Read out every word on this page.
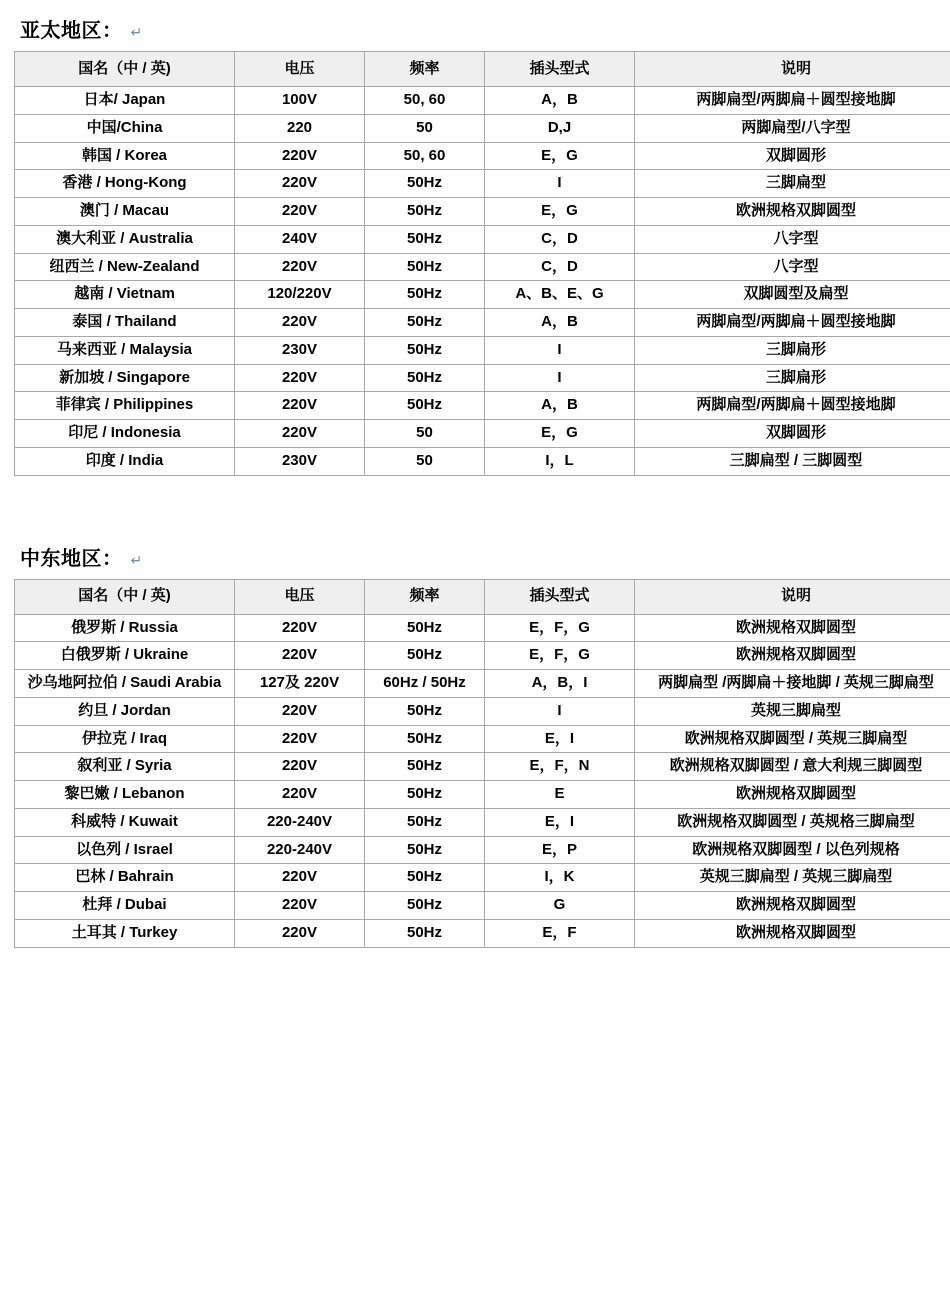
亚太地区： ↵
国名（中 / 英)	电压	频率	插头型式	说明
日本/ Japan	100V	50, 60	A，B	两脚扁型/两脚扁＋圆型接地脚
中国/China	220	50	D,J	两脚扁型/八字型
韩国 / Korea	220V	50, 60	E，G	双脚圆形
香港 / Hong-Kong	220V	50Hz	I	三脚扁型
澳门 / Macau	220V	50Hz	E，G	欧洲规格双脚圆型
澳大利亚 / Australia	240V	50Hz	C，D	八字型
纽西兰 / New-Zealand	220V	50Hz	C，D	八字型
越南 / Vietnam	120/220V	50Hz	A、B、E、G	双脚圆型及扁型
泰国 / Thailand	220V	50Hz	A，B	两脚扁型/两脚扁＋圆型接地脚
马来西亚 / Malaysia	230V	50Hz	I	三脚扁形
新加坡 / Singapore	220V	50Hz	I	三脚扁形
菲律宾 / Philippines	220V	50Hz	A，B	两脚扁型/两脚扁＋圆型接地脚
印尼 / Indonesia	220V	50	E，G	双脚圆形
印度 / India	230V	50	I，L	三脚扁型 / 三脚圆型
中东地区： ↵
国名（中 / 英)	电压	频率	插头型式	说明
俄罗斯 / Russia	220V	50Hz	E，F，G	欧洲规格双脚圆型
白俄罗斯 / Ukraine	220V	50Hz	E，F，G	欧洲规格双脚圆型
沙乌地阿拉伯 / Saudi Arabia	127及 220V	60Hz / 50Hz	A，B，I	两脚扁型 /两脚扁＋接地脚 / 英规三脚扁型
约旦 / Jordan	220V	50Hz	I	英规三脚扁型
伊拉克 / Iraq	220V	50Hz	E，I	欧洲规格双脚圆型 / 英规三脚扁型
叙利亚 / Syria	220V	50Hz	E，F，N	欧洲规格双脚圆型 / 意大利规三脚圆型
黎巴嫩 / Lebanon	220V	50Hz	E	欧洲规格双脚圆型
科威特 / Kuwait	220-240V	50Hz	E，I	欧洲规格双脚圆型 / 英规格三脚扁型
以色列 / Israel	220-240V	50Hz	E，P	欧洲规格双脚圆型 / 以色列规格
巴林 / Bahrain	220V	50Hz	I，K	英规三脚扁型 / 英规三脚扁型
杜拜 / Dubai	220V	50Hz	G	欧洲规格双脚圆型
土耳其 / Turkey	220V	50Hz	E，F	欧洲规格双脚圆型
